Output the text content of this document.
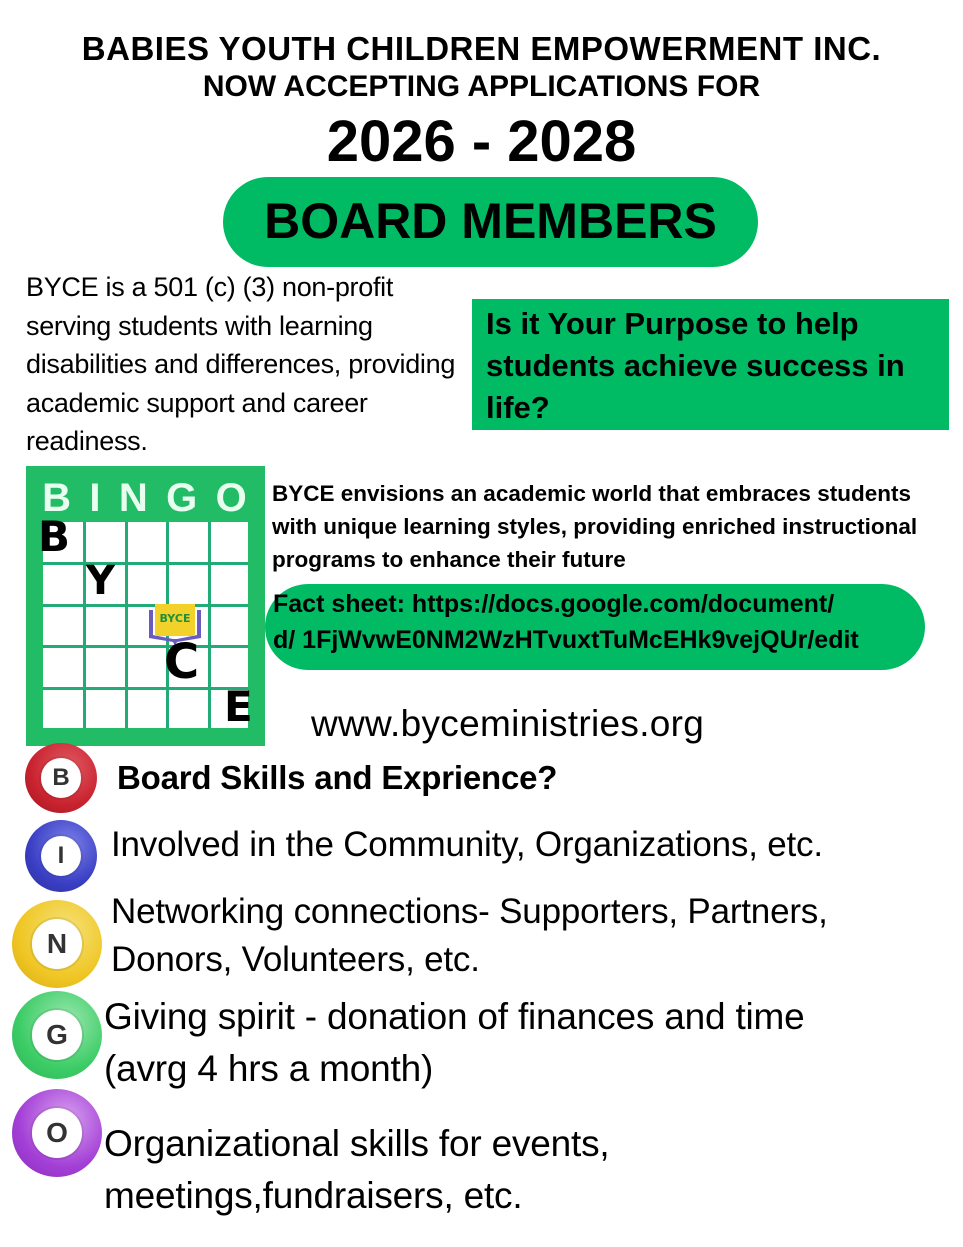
BABIES YOUTH CHILDREN EMPOWERMENT INC.
NOW ACCEPTING APPLICATIONS FOR
2026 - 2028
BOARD MEMBERS
BYCE is a 501 (c) (3) non-profit serving students with learning disabilities and differences, providing academic support and career readiness.
Is it Your Purpose to help students achieve success in life?
B I N G O
BYCE
B
Y
C
E
BYCE envisions an academic world that embraces students with unique learning styles, providing enriched instructional programs to enhance their future
Fact sheet: https://docs.google.com/document/
d/ 1FjWvwE0NM2WzHTvuxtTuMcEHk9vejQUr/edit
www.byceministries.org
B	Board Skills and Exprience?
I	Involved in the Community, Organizations, etc.
N
Networking connections- Supporters, Partners,
Donors, Volunteers, etc.
G Giving spirit - donation of finances and time
(avrg 4 hrs a month)
O Organizational skills for events,
meetings,fundraisers, etc.
